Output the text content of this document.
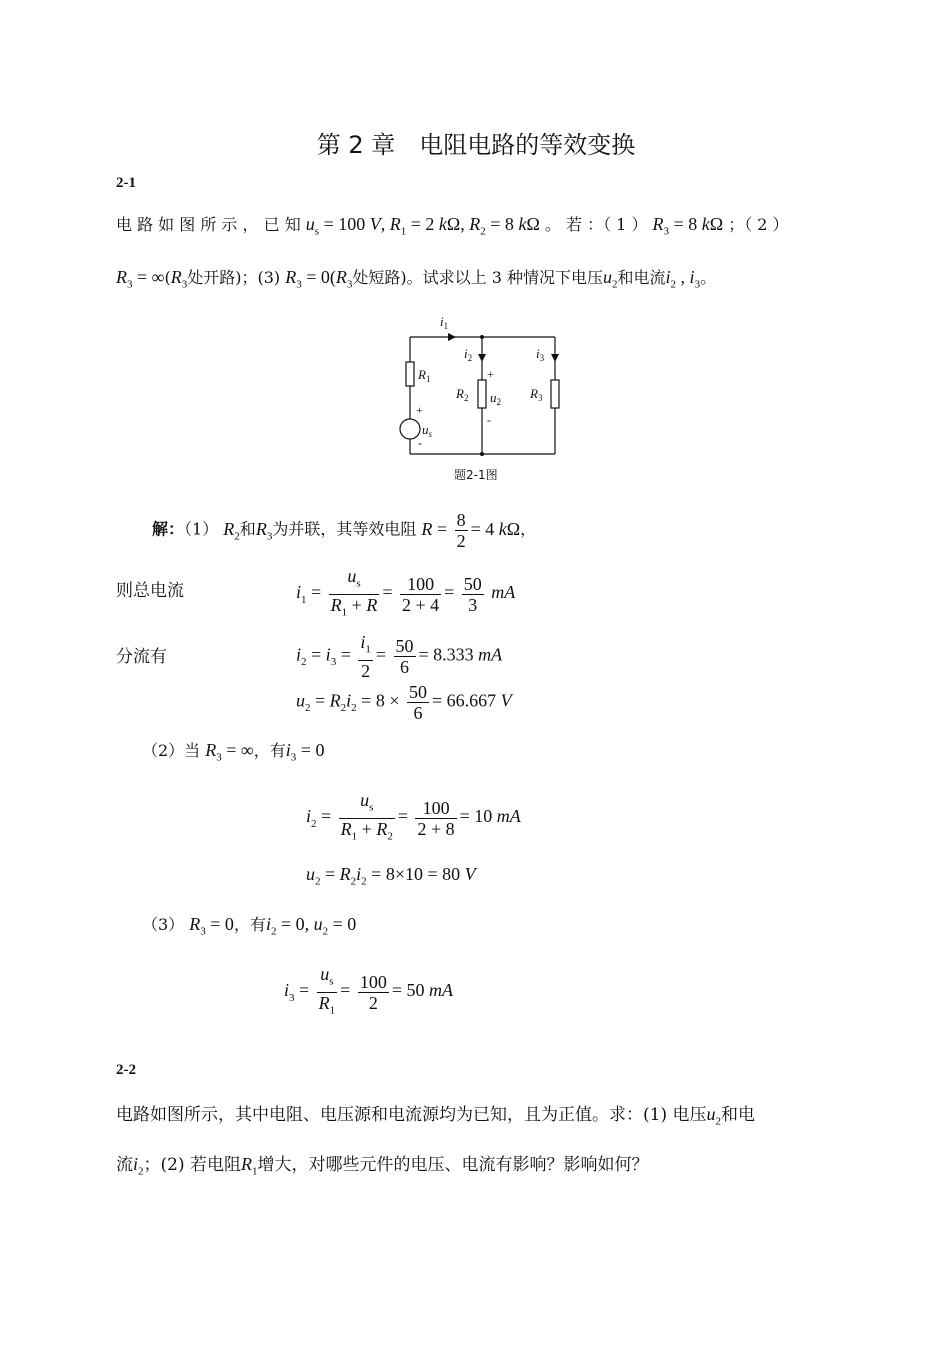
第 2 章　电阻电路的等效变换
2-1
电 路 如 图 所 示 ， 已 知 $u_s = 100$ V, $R_1 = 2$ kΩ, $R_2 = 8$ kΩ 。 若 ：（ 1 ） $R_3 = 8$ kΩ ；（ 2 ）
$R_3 = \infty(R_3$处开路)；(3) $R_3 = 0(R_3$处短路)。试求以上 3 种情况下电压$u_2$和电流$i_2$ , $i_3$。
$i_1$
$i_2$	$i_3$
$R_1$
$R_2$	$R_3$
$u_2$
$u_s$
+
-
+
-
题2-1图
解：（1） $R_2$和$R_3$为并联，其等效电阻 $R = \frac{8}{2} = 4$ kΩ，
则总电流	$i_1 = \frac{u_s}{R_1 + R} = \frac{100}{2 + 4} = \frac{50}{3}$ mA
分流有	$i_2 = i_3 = \frac{i_1}{2} = \frac{50}{6} = 8.333$ mA
$u_2 = R_2i_2 = 8 \times \frac{50}{6} = 66.667$ V
（2）当 $R_3$ = ∞，有$i_3 = 0$
$i_2 = \frac{u_s}{R_1 + R_2} = \frac{100}{2 + 8} = 10$ mA
$u_2 = R_2i_2 = 8\times 10 = 80$ V
（3） $R_3 = 0$，有$i_2 = 0$, $u_2 = 0$
$i_3 = \frac{u_s}{R_1} = \frac{100}{2} = 50$ mA
2-2
电路如图所示，其中电阻、电压源和电流源均为已知，且为正值。求：(1) 电压$u_2$和电
流$i_2$；(2) 若电阻$R_1$增大，对哪些元件的电压、电流有影响？影响如何？
